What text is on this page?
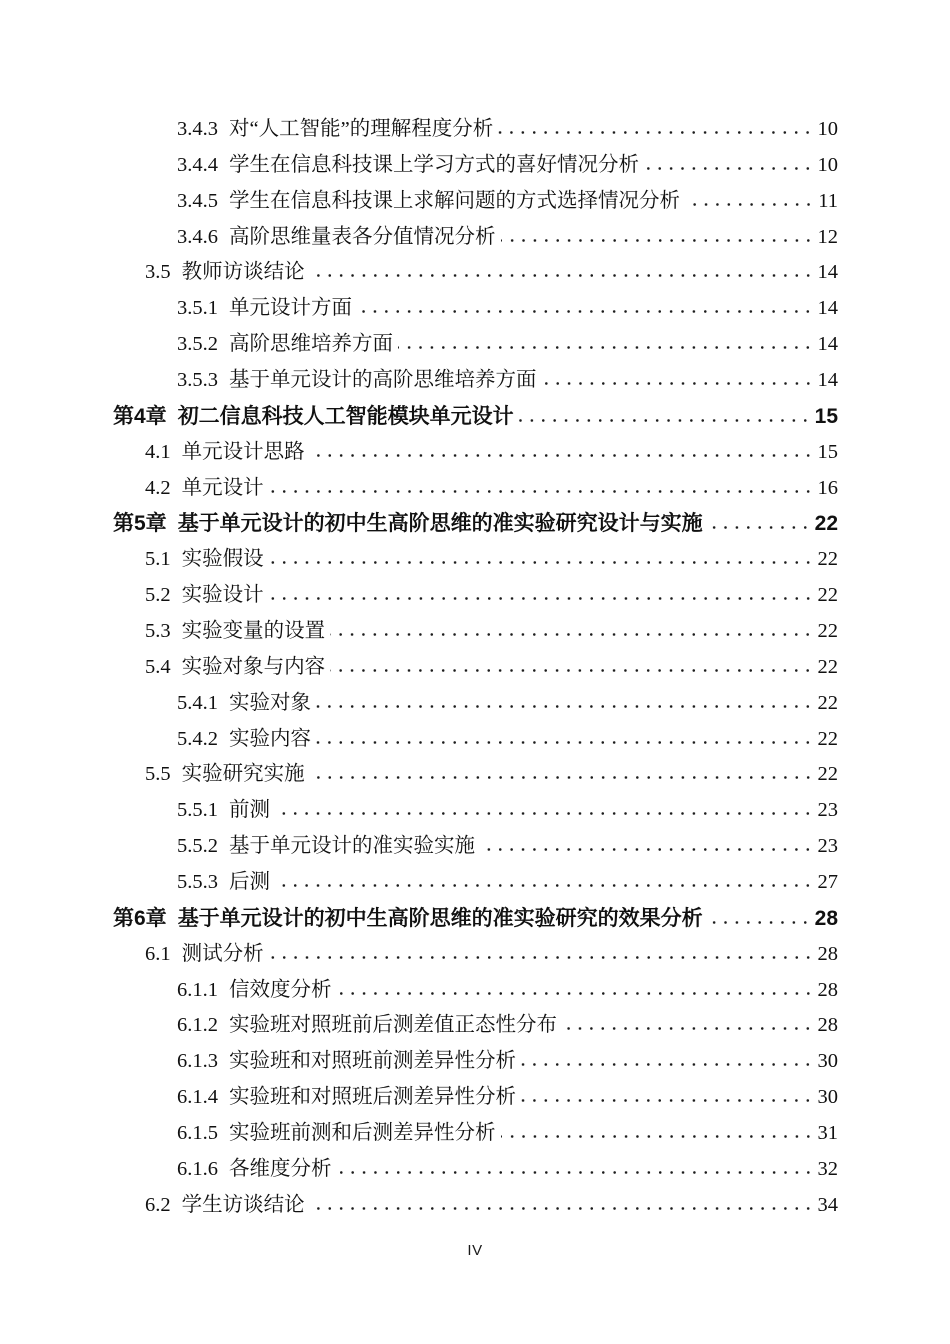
3.4.3 对“人工智能”的理解程度分析	10
3.4.4 学生在信息科技课上学习方式的喜好情况分析	10
3.4.5 学生在信息科技课上求解问题的方式选择情况分析	11
3.4.6 高阶思维量表各分值情况分析	12
3.5 教师访谈结论	14
3.5.1 单元设计方面	14
3.5.2 高阶思维培养方面	14
3.5.3 基于单元设计的高阶思维培养方面	14
第4章 初二信息科技人工智能模块单元设计	15
4.1 单元设计思路	15
4.2 单元设计	16
第5章 基于单元设计的初中生高阶思维的准实验研究设计与实施	22
5.1 实验假设	22
5.2 实验设计	22
5.3 实验变量的设置	22
5.4 实验对象与内容	22
5.4.1 实验对象	22
5.4.2 实验内容	22
5.5 实验研究实施	22
5.5.1 前测	23
5.5.2 基于单元设计的准实验实施	23
5.5.3 后测	27
第6章 基于单元设计的初中生高阶思维的准实验研究的效果分析	28
6.1 测试分析	28
6.1.1 信效度分析	28
6.1.2 实验班对照班前后测差值正态性分布	28
6.1.3 实验班和对照班前测差异性分析	30
6.1.4 实验班和对照班后测差异性分析	30
6.1.5 实验班前测和后测差异性分析	31
6.1.6 各维度分析	32
6.2 学生访谈结论	34
IV
